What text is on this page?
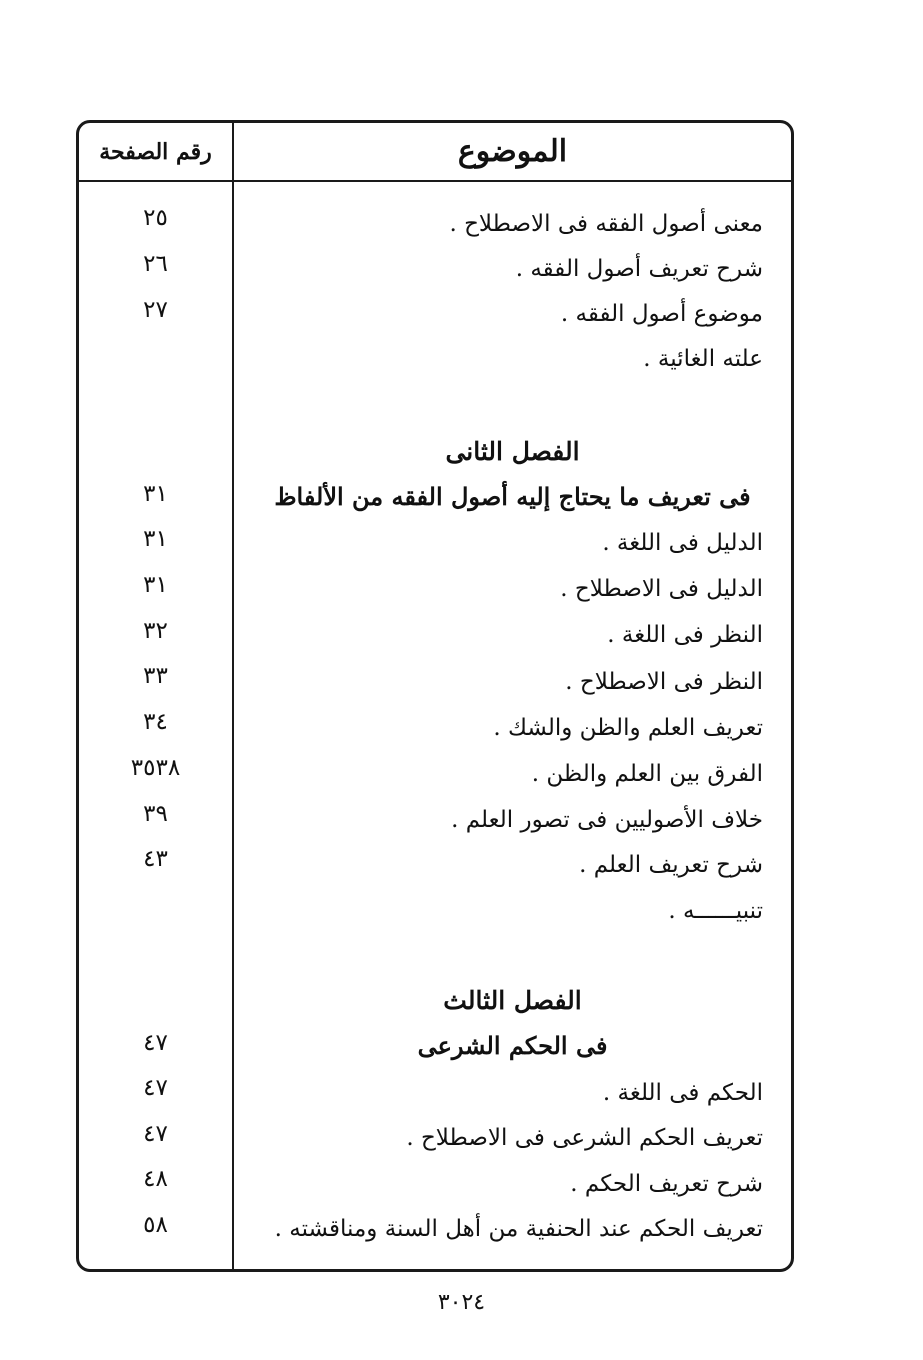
الموضوع
رقم الصفحة
معنى أصول الفقه فى الاصطلاح .
شرح تعريف أصول الفقه .
موضوع أصول الفقه .
علته الغائية .
الفصل الثانى
فى تعريف ما يحتاج إليه أصول الفقه من الألفاظ
الدليل فى اللغة .
الدليل فى الاصطلاح .
النظر فى اللغة .
النظر فى الاصطلاح .
تعريف العلم والظن والشك .
الفرق بين العلم والظن .
خلاف الأصوليين فى تصور العلم .
شرح تعريف العلم .
تنبيــــــه .
الفصل الثالث
فى الحكم الشرعى
الحكم فى اللغة .
تعريف الحكم الشرعى فى الاصطلاح .
شرح تعريف الحكم .
تعريف الحكم عند الحنفية من أهل السنة ومناقشته .
٢٥
٢٦
٢٧
٣١
٣١
٣١
٣٢
٣٣
٣٤
٣٥٣٨
٣٩
٤٣
٤٧
٤٧
٤٧
٤٨
٥٨
٣٠٢٤
